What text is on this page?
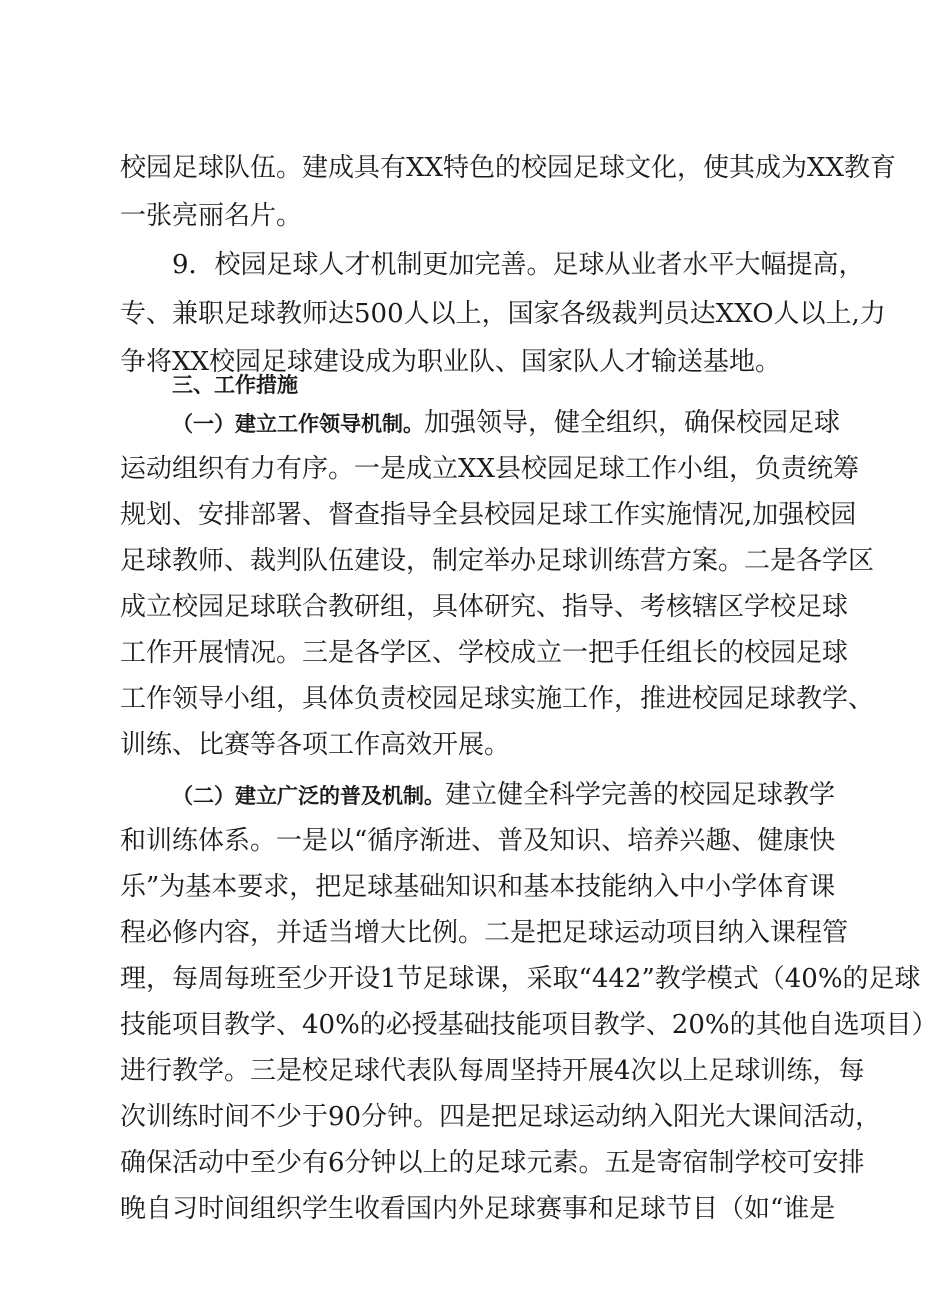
校园足球队伍。建成具有XX特色的校园足球文化，使其成为XX教育
一张亮丽名片。
9．校园足球人才机制更加完善。足球从业者水平大幅提高，
专、兼职足球教师达500人以上，国家各级裁判员达XXO人以上,力
争将XX校园足球建设成为职业队、国家队人才输送基地。
三、工作措施
（一）建立工作领导机制。加强领导，健全组织，确保校园足球
运动组织有力有序。一是成立XX县校园足球工作小组，负责统筹
规划、安排部署、督查指导全县校园足球工作实施情况,加强校园
足球教师、裁判队伍建设，制定举办足球训练营方案。二是各学区
成立校园足球联合教研组，具体研究、指导、考核辖区学校足球
工作开展情况。三是各学区、学校成立一把手任组长的校园足球
工作领导小组，具体负责校园足球实施工作，推进校园足球教学、
训练、比赛等各项工作高效开展。
（二）建立广泛的普及机制。建立健全科学完善的校园足球教学
和训练体系。一是以“循序渐进、普及知识、培养兴趣、健康快
乐”为基本要求，把足球基础知识和基本技能纳入中小学体育课
程必修内容，并适当增大比例。二是把足球运动项目纳入课程管
理，每周每班至少开设1节足球课，采取“442”教学模式（40%的足球
技能项目教学、40%的必授基础技能项目教学、20%的其他自选项目）
进行教学。三是校足球代表队每周坚持开展4次以上足球训练，每
次训练时间不少于90分钟。四是把足球运动纳入阳光大课间活动，
确保活动中至少有6分钟以上的足球元素。五是寄宿制学校可安排
晚自习时间组织学生收看国内外足球赛事和足球节目（如“谁是
